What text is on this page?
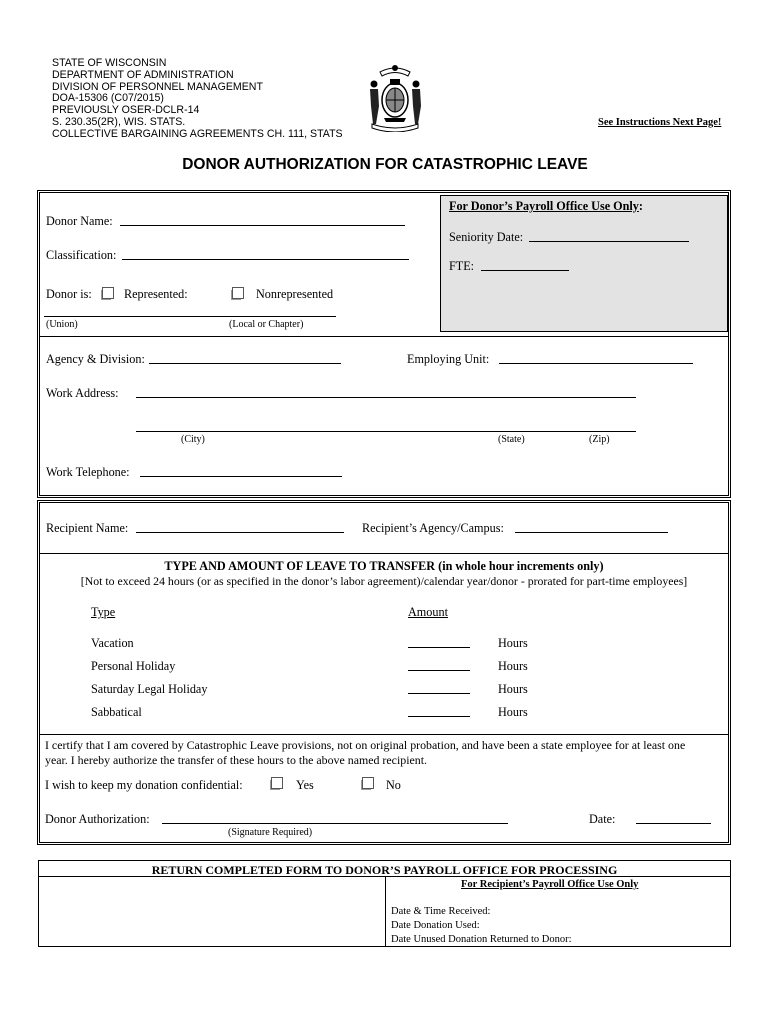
STATE OF WISCONSIN
DEPARTMENT OF ADMINISTRATION
DIVISION OF PERSONNEL MANAGEMENT
DOA-15306 (C07/2015)
PREVIOUSLY OSER-DCLR-14
S. 230.35(2R), WIS. STATS.
COLLECTIVE BARGAINING AGREEMENTS CH. 111, STATS
See Instructions Next Page!
DONOR AUTHORIZATION FOR CATASTROPHIC LEAVE
For Donor’s Payroll Office Use Only:
Seniority Date:
FTE:
Donor Name:
Classification:
Donor is:	Represented:	Nonrepresented
(Union)	(Local or Chapter)
Agency & Division:	Employing Unit:
Work Address:
(City)	(State)	(Zip)
Work Telephone:
Recipient Name:	Recipient’s Agency/Campus:
TYPE AND AMOUNT OF LEAVE TO TRANSFER (in whole hour increments only)
[Not to exceed 24 hours (or as specified in the donor’s labor agreement)/calendar year/donor - prorated for part-time employees]
Type	Amount
Vacation	Hours
Personal Holiday	Hours
Saturday Legal Holiday	Hours
Sabbatical	Hours
I certify that I am covered by Catastrophic Leave provisions, not on original probation, and have been a state employee for at least one
year. I hereby authorize the transfer of these hours to the above named recipient.
I wish to keep my donation confidential:	Yes	No
Donor Authorization:
(Signature Required)
Date:
RETURN COMPLETED FORM TO DONOR’S PAYROLL OFFICE FOR PROCESSING
For Recipient’s Payroll Office Use Only
Date & Time Received:
Date Donation Used:
Date Unused Donation Returned to Donor:
